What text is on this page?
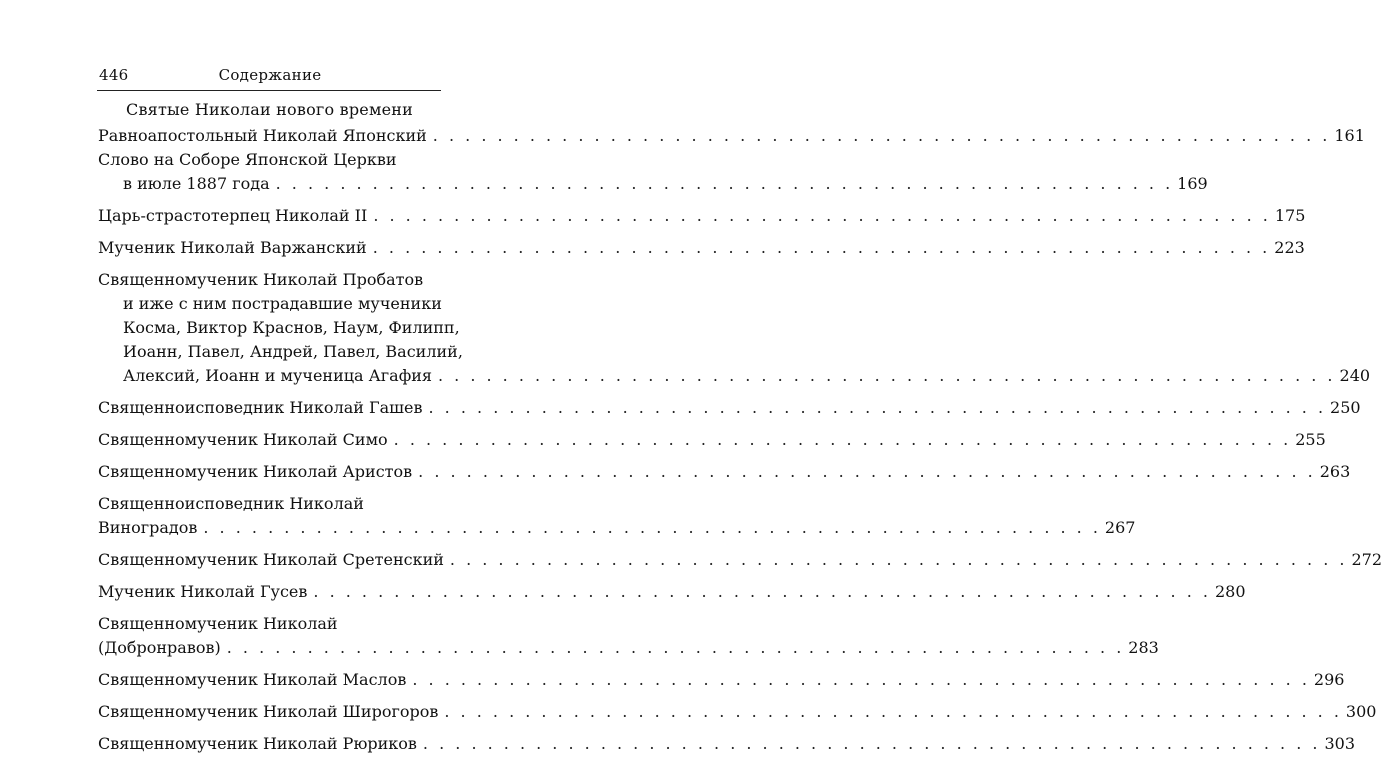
446	Содержание
Святые Николаи нового времени
Равноапостольный Николай Японский . . . . . . . . . . . . . . . . . . . . . . . . . . . . . . . . . . . . . . . . . . . . . . . . . . . . . . . . 161
Слово на Соборе Японской Церкви
в июле 1887 года . . . . . . . . . . . . . . . . . . . . . . . . . . . . . . . . . . . . . . . . . . . . . . . . . . . . . . . . 169
Царь-страстотерпец Николай II . . . . . . . . . . . . . . . . . . . . . . . . . . . . . . . . . . . . . . . . . . . . . . . . . . . . . . . . 175
Мученик Николай Варжанский . . . . . . . . . . . . . . . . . . . . . . . . . . . . . . . . . . . . . . . . . . . . . . . . . . . . . . . . 223
Священномученик Николай Пробатов
и иже с ним пострадавшие мученики
Косма, Виктор Краснов, Наум, Филипп,
Иоанн, Павел, Андрей, Павел, Василий,
Алексий, Иоанн и мученица Агафия . . . . . . . . . . . . . . . . . . . . . . . . . . . . . . . . . . . . . . . . . . . . . . . . . . . . . . . . 240
Священноисповедник Николай Гашев . . . . . . . . . . . . . . . . . . . . . . . . . . . . . . . . . . . . . . . . . . . . . . . . . . . . . . . . 250
Священномученик Николай Симо . . . . . . . . . . . . . . . . . . . . . . . . . . . . . . . . . . . . . . . . . . . . . . . . . . . . . . . . 255
Священномученик Николай Аристов . . . . . . . . . . . . . . . . . . . . . . . . . . . . . . . . . . . . . . . . . . . . . . . . . . . . . . . . 263
Священноисповедник Николай
Виноградов . . . . . . . . . . . . . . . . . . . . . . . . . . . . . . . . . . . . . . . . . . . . . . . . . . . . . . . . 267
Священномученик Николай Сретенский . . . . . . . . . . . . . . . . . . . . . . . . . . . . . . . . . . . . . . . . . . . . . . . . . . . . . . . . 272
Мученик Николай Гусев . . . . . . . . . . . . . . . . . . . . . . . . . . . . . . . . . . . . . . . . . . . . . . . . . . . . . . . . 280
Священномученик Николай
(Добронравов) . . . . . . . . . . . . . . . . . . . . . . . . . . . . . . . . . . . . . . . . . . . . . . . . . . . . . . . . 283
Священномученик Николай Маслов . . . . . . . . . . . . . . . . . . . . . . . . . . . . . . . . . . . . . . . . . . . . . . . . . . . . . . . . 296
Священномученик Николай Широгоров . . . . . . . . . . . . . . . . . . . . . . . . . . . . . . . . . . . . . . . . . . . . . . . . . . . . . . . . 300
Священномученик Николай Рюриков . . . . . . . . . . . . . . . . . . . . . . . . . . . . . . . . . . . . . . . . . . . . . . . . . . . . . . . . 303
